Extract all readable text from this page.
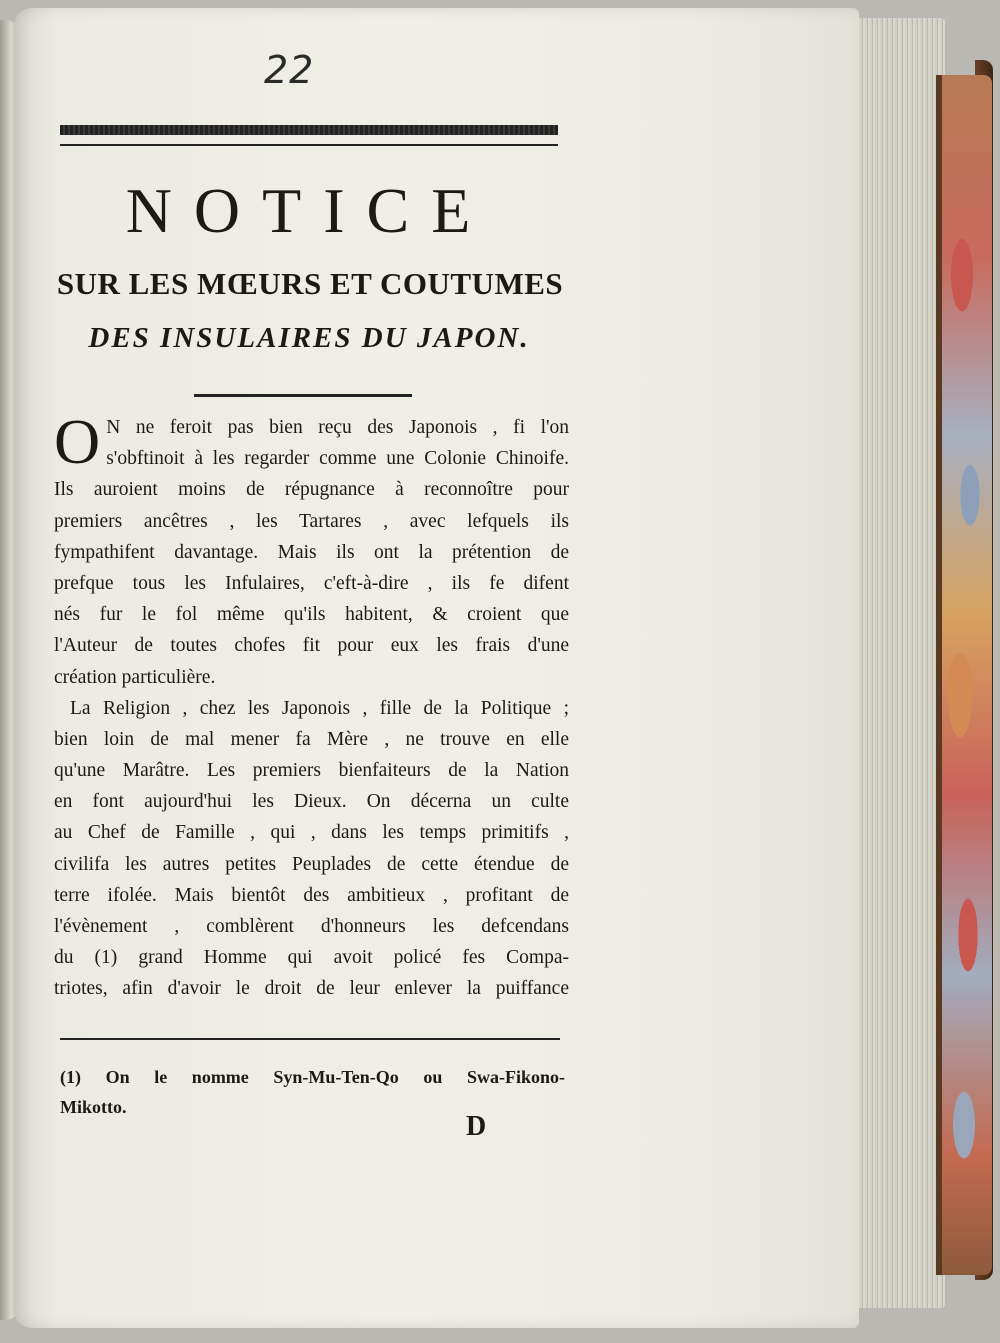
22
NOTICE
SUR LES MŒURS ET COUTUMES
DES INSULAIRES DU JAPON.
O N ne feroit pas bien reçu des Japonois , fi l'on
s'obftinoit à les regarder comme une Colonie Chinoife.
Ils auroient moins de répugnance à reconnoître pour
premiers ancêtres , les Tartares , avec lefquels ils
fympathifent davantage. Mais ils ont la prétention de
prefque tous les Infulaires, c'eft-à-dire , ils fe difent
nés fur le fol même qu'ils habitent, & croient que
l'Auteur de toutes chofes fit pour eux les frais d'une
création particulière.
La Religion , chez les Japonois , fille de la Politique ;
bien loin de mal mener fa Mère , ne trouve en elle
qu'une Marâtre. Les premiers bienfaiteurs de la Nation
en font aujourd'hui les Dieux. On décerna un culte
au Chef de Famille , qui , dans les temps primitifs ,
civilifa les autres petites Peuplades de cette étendue de
terre ifolée. Mais bientôt des ambitieux , profitant de
l'évènement , comblèrent d'honneurs les defcendans
du (1) grand Homme qui avoit policé fes Compa-
triotes, afin d'avoir le droit de leur enlever la puiffance
(1) On le nomme Syn-Mu-Ten-Qo ou Swa-Fikono-
Mikotto.
D
